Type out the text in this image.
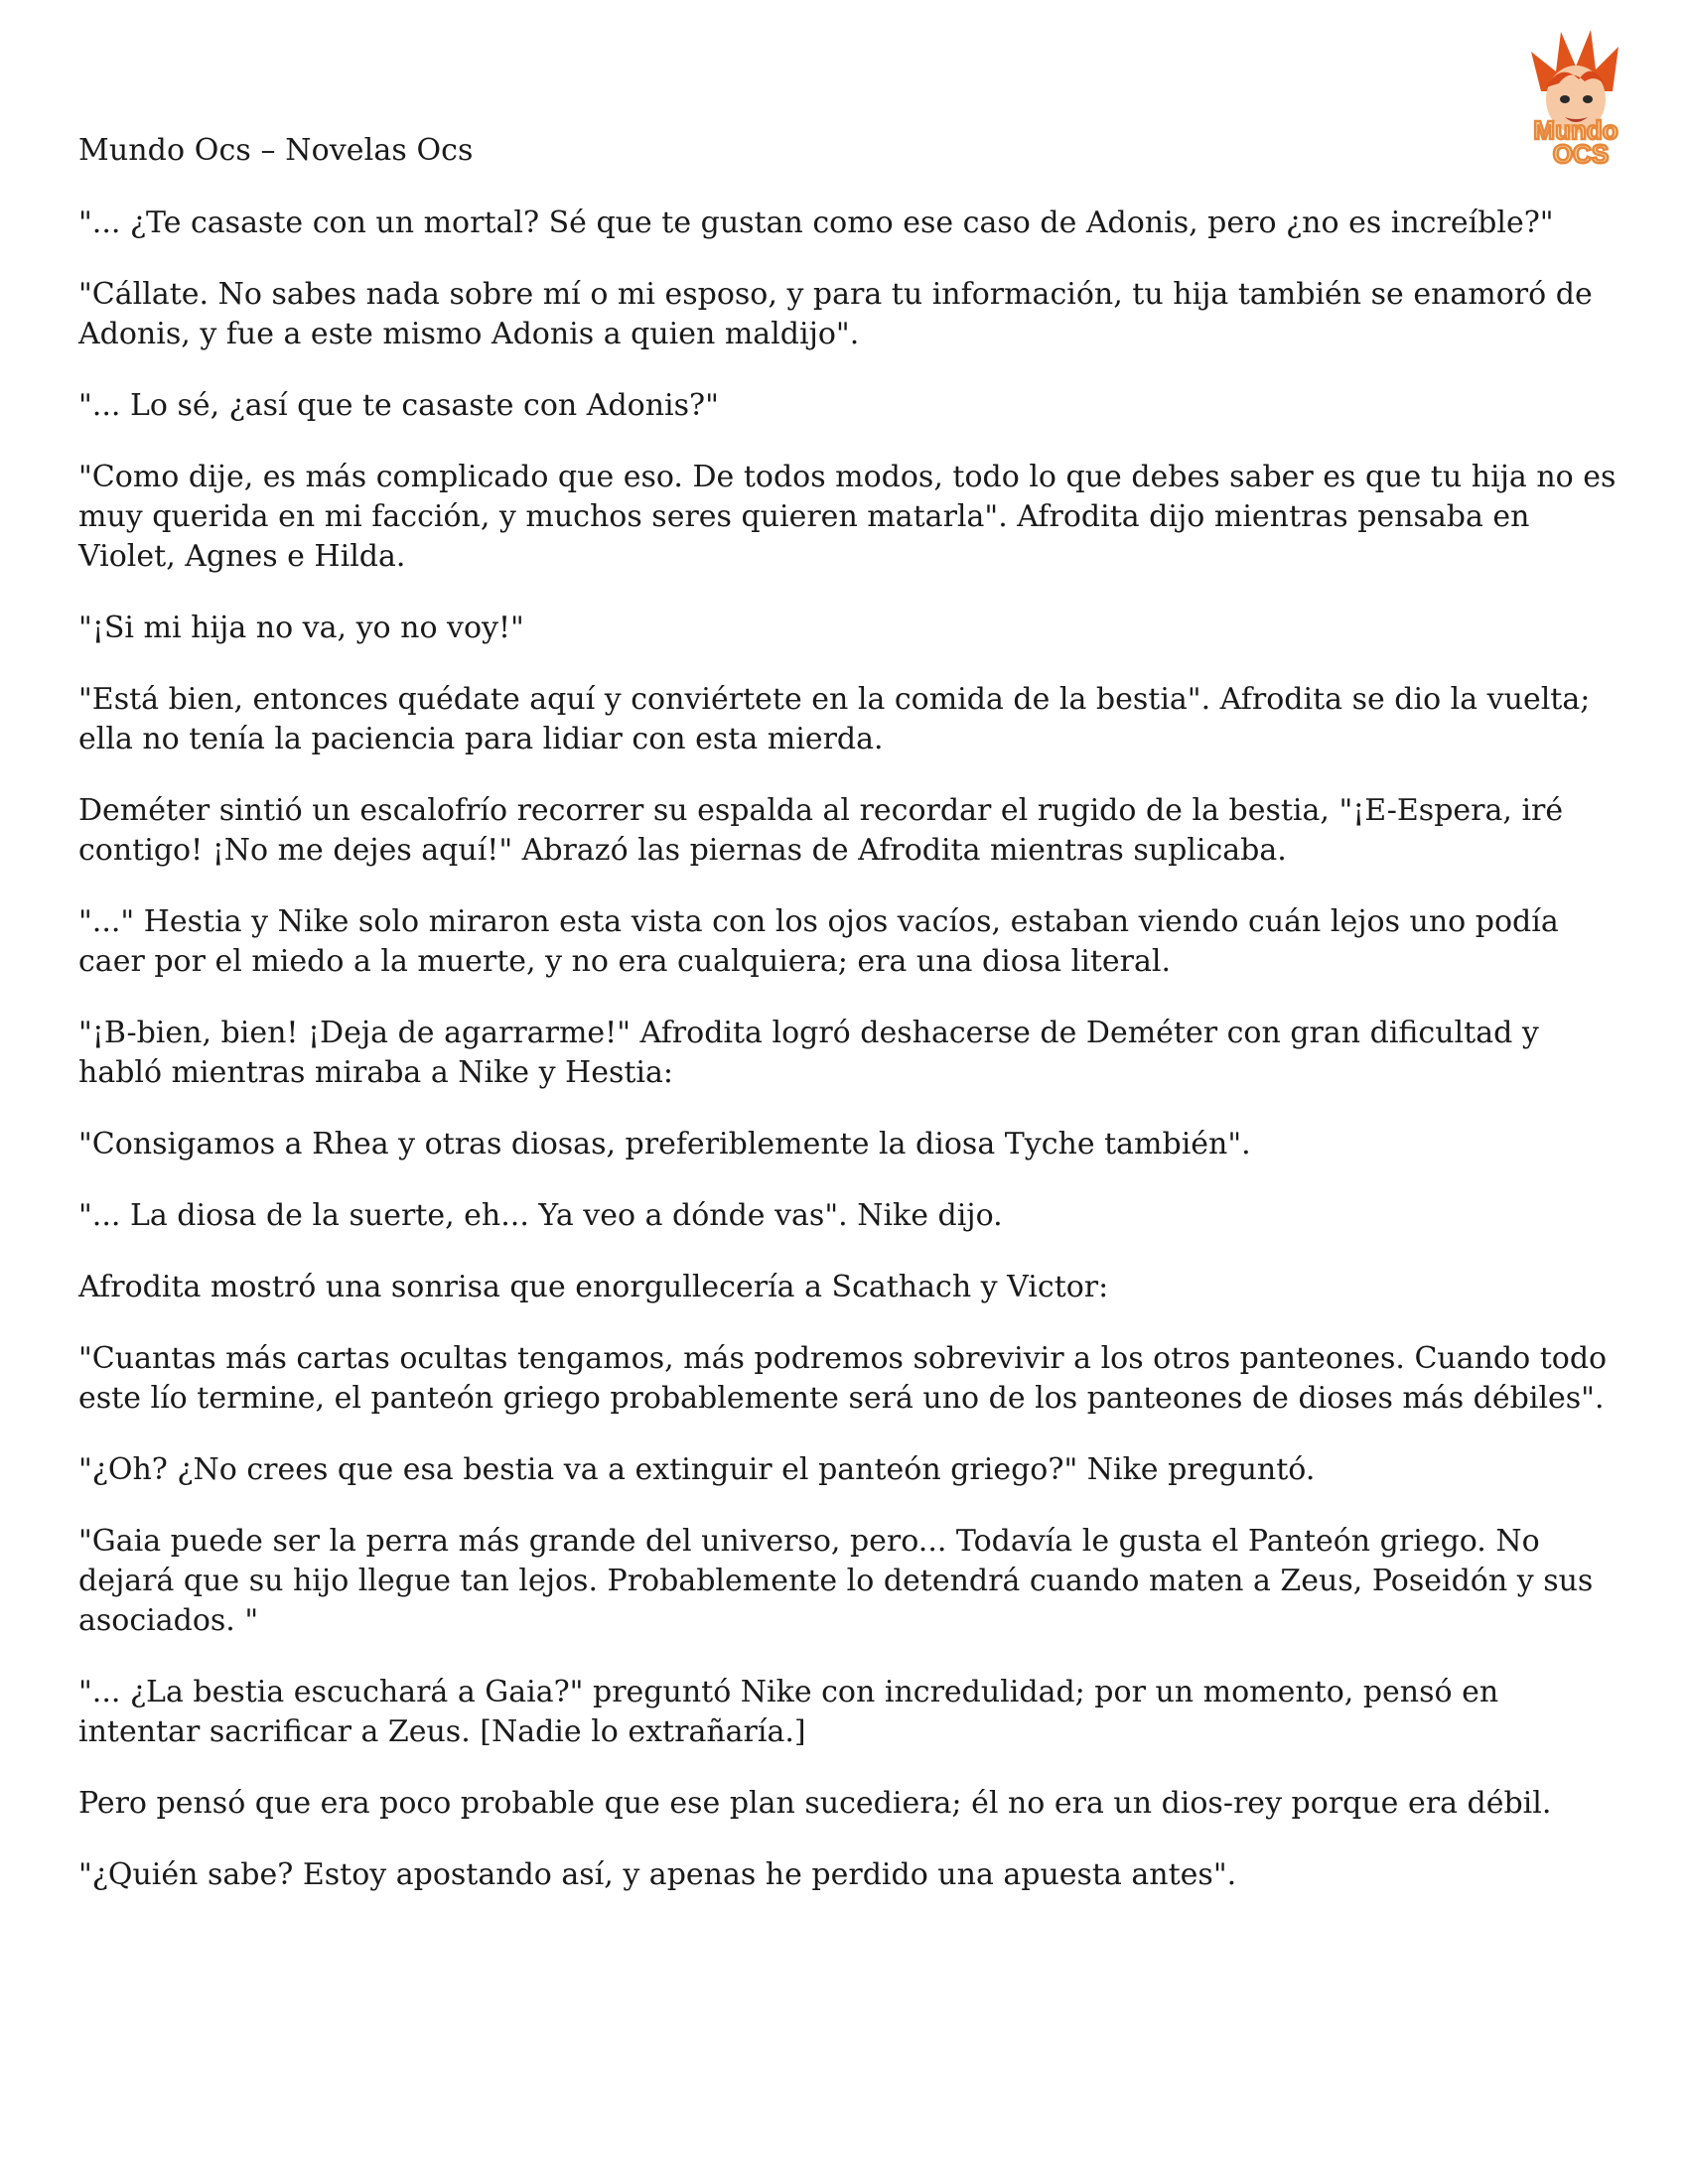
Mundo
OCS
Mundo Ocs – Novelas Ocs

"... ¿Te casaste con un mortal? Sé que te gustan como ese caso de Adonis, pero ¿no es increíble?"

"Cállate. No sabes nada sobre mí o mi esposo, y para tu información, tu hija también se enamoró de Adonis, y fue a este mismo Adonis a quien maldijo".

"... Lo sé, ¿así que te casaste con Adonis?"

"Como dije, es más complicado que eso. De todos modos, todo lo que debes saber es que tu hija no es muy querida en mi facción, y muchos seres quieren matarla". Afrodita dijo mientras pensaba en Violet, Agnes e Hilda.

"¡Si mi hija no va, yo no voy!"

"Está bien, entonces quédate aquí y conviértete en la comida de la bestia". Afrodita se dio la vuelta; ella no tenía la paciencia para lidiar con esta mierda.

Deméter sintió un escalofrío recorrer su espalda al recordar el rugido de la bestia, "¡E-Espera, iré contigo! ¡No me dejes aquí!" Abrazó las piernas de Afrodita mientras suplicaba.

"..." Hestia y Nike solo miraron esta vista con los ojos vacíos, estaban viendo cuán lejos uno podía caer por el miedo a la muerte, y no era cualquiera; era una diosa literal.

"¡B-bien, bien! ¡Deja de agarrarme!" Afrodita logró deshacerse de Deméter con gran dificultad y habló mientras miraba a Nike y Hestia:

"Consigamos a Rhea y otras diosas, preferiblemente la diosa Tyche también".

"... La diosa de la suerte, eh... Ya veo a dónde vas". Nike dijo.

Afrodita mostró una sonrisa que enorgullecería a Scathach y Victor:

"Cuantas más cartas ocultas tengamos, más podremos sobrevivir a los otros panteones. Cuando todo este lío termine, el panteón griego probablemente será uno de los panteones de dioses más débiles".

"¿Oh? ¿No crees que esa bestia va a extinguir el panteón griego?" Nike preguntó.

"Gaia puede ser la perra más grande del universo, pero... Todavía le gusta el Panteón griego. No dejará que su hijo llegue tan lejos. Probablemente lo detendrá cuando maten a Zeus, Poseidón y sus asociados. "

"... ¿La bestia escuchará a Gaia?" preguntó Nike con incredulidad; por un momento, pensó en intentar sacrificar a Zeus. [Nadie lo extrañaría.]

Pero pensó que era poco probable que ese plan sucediera; él no era un dios-rey porque era débil.

"¿Quién sabe? Estoy apostando así, y apenas he perdido una apuesta antes".
